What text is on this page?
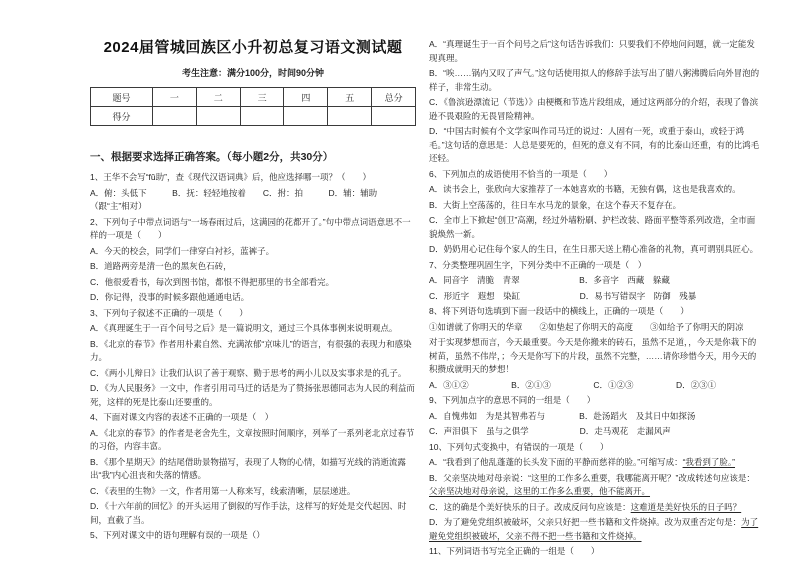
2024届管城回族区小升初总复习语文测试题
考生注意：满分100分，时间90分钟
题号	一	二	三	四	五	总分
得分						

一、根据要求选择正确答案。（每小题2分，共30分）

1、王华不会写“fǔ助”，查《现代汉语词典》后，他应选择哪一项？（　　）

A．俯：头低下　　　B．抚：轻轻地按着　　C．拊：拍　　　D．辅：辅助（跟“主”相对）

2、下列句子中带点词语与“一场春雨过后，这满园的花都开了。”句中带点词语意思不一样的一项是（　　）

A．今天的校会，同学们一律穿白衬衫，蓝裤子。

B．道路两旁是清一色的黑灰色石砖，

C．他很爱看书，每次到图书馆，都恨不得把那里的书全部看完。

D．你记得，没事的时候多跟他通通电话。

3、下列句子叙述不正确的一项是（　　）

A．《真理诞生于一百个问号之后》是一篇说明文，通过三个具体事例来说明观点。

B．《北京的春节》作者用朴素自然、充满浓郁“京味儿”的语言，有很强的表现力和感染力。

C．《两小儿辩日》让我们认识了善于观察、勤于思考的两小儿以及实事求是的孔子。

D．《为人民服务》一文中，作者引用司马迁的话是为了赞扬张思德同志为人民的利益而死，这样的死是比泰山还要重的。

4、下面对课文内容的表述不正确的一项是（　）

A．《北京的春节》的作者是老舍先生，文章按照时间顺序，列举了一系列老北京过春节的习俗，内容丰富。

B．《那个星期天》的结尾借助景物描写，表现了人物的心情，如描写光线的消逝流露出“我”内心沮丧和失落的情感。

C．《表里的生物》一文，作者用第一人称来写，线索清晰，层层递进。

D．《十六年前的回忆》的开头运用了倒叙的写作手法，这样写的好处是交代起因、时间，直截了当。

5、下列对课文中的语句理解有误的一项是（）

A．“真理诞生于一百个问号之后”这句话告诉我们：只要我们不停地问问题，就一定能发现真理。

B．“唉……锅内又叹了声气。”这句话使用拟人的修辞手法写出了腊八粥沸腾后向外冒泡的样子，非常生动。

C．《鲁滨逊漂流记（节选）》由梗概和节选片段组成，通过这两部分的介绍，表现了鲁滨逊不畏艰险的无畏冒险精神。

D．“中国古时候有个文学家叫作司马迁的说过：人固有一死，或重于泰山，或轻于鸿毛。”这句话的意思是：人总是要死的，但死的意义有不同，有的比泰山还重，有的比鸿毛还轻。

6、下列加点的成语使用不恰当的一项是（　　）

A．读书会上，张欣向大家推荐了一本她喜欢的书籍，无独有偶，这也是我喜欢的。

B．大街上空荡荡的，往日车水马龙的景象，在这个春天不复存在。

C．全市上下掀起“创卫”高潮，经过外墙粉刷、护栏改装、路面平整等系列改造，全市面貌焕然一新。

D．奶奶用心记住每个家人的生日，在生日那天送上精心准备的礼物，真可谓别具匠心。

7、分类整理巩固生字，下列分类中不正确的一项是（　）

A．同音字　清脆　青翠　　　　　　　B．多音字　西藏　躲藏

C．形近字　遐想　染缸　　　　　　　D．易书写错误字　防御　残暴

8、将下列语句选填到下面一段话中的横线上，正确的一项是（　　）

①如谱就了你明天的华章　　②如垫起了你明天的高度　　③如给予了你明天的阴凉

对于实现梦想而言，今天最重要。今天是你搬来的砖石，虽然不足道，，今天是你栽下的树苗，虽然不伟岸，；今天是你写下的片段，虽然不完整，……请你珍惜今天，用今天的积攒成就明天的梦想！

A．③①②　　　　　B．②①③　　　　　C．①②③　　　　　D．②③①

9、下列加点字的意思不同的一组是（　　）

A．自愧弗如　为是其智弗若与　　　　B．赴汤蹈火　及其日中如探汤

C．声泪俱下　虽与之俱学　　　　　　D．走马观花　走漏风声

10、下列句式变换中，有错误的一项是（　　）

A．“我看到了他乱蓬蓬的长头发下面的平静而慈祥的脸。”可缩写成：“我看到了脸。”

B．父亲坚决地对母亲说：“这里的工作多么重要，我哪能离开呢？”改成转述句应该是：父亲坚决地对母亲说，这里的工作多么重要，他不能离开。

C．这的确是个美好快乐的日子。改成反问句应该是：这难道是美好快乐的日子吗？

D．为了避免党组织被破坏，父亲只好把一些书籍和文件烧掉。改为双重否定句是：为了避免党组织被破坏，父亲不得不把一些书籍和文件烧掉。

11、下列词语书写完全正确的一组是（　　）
